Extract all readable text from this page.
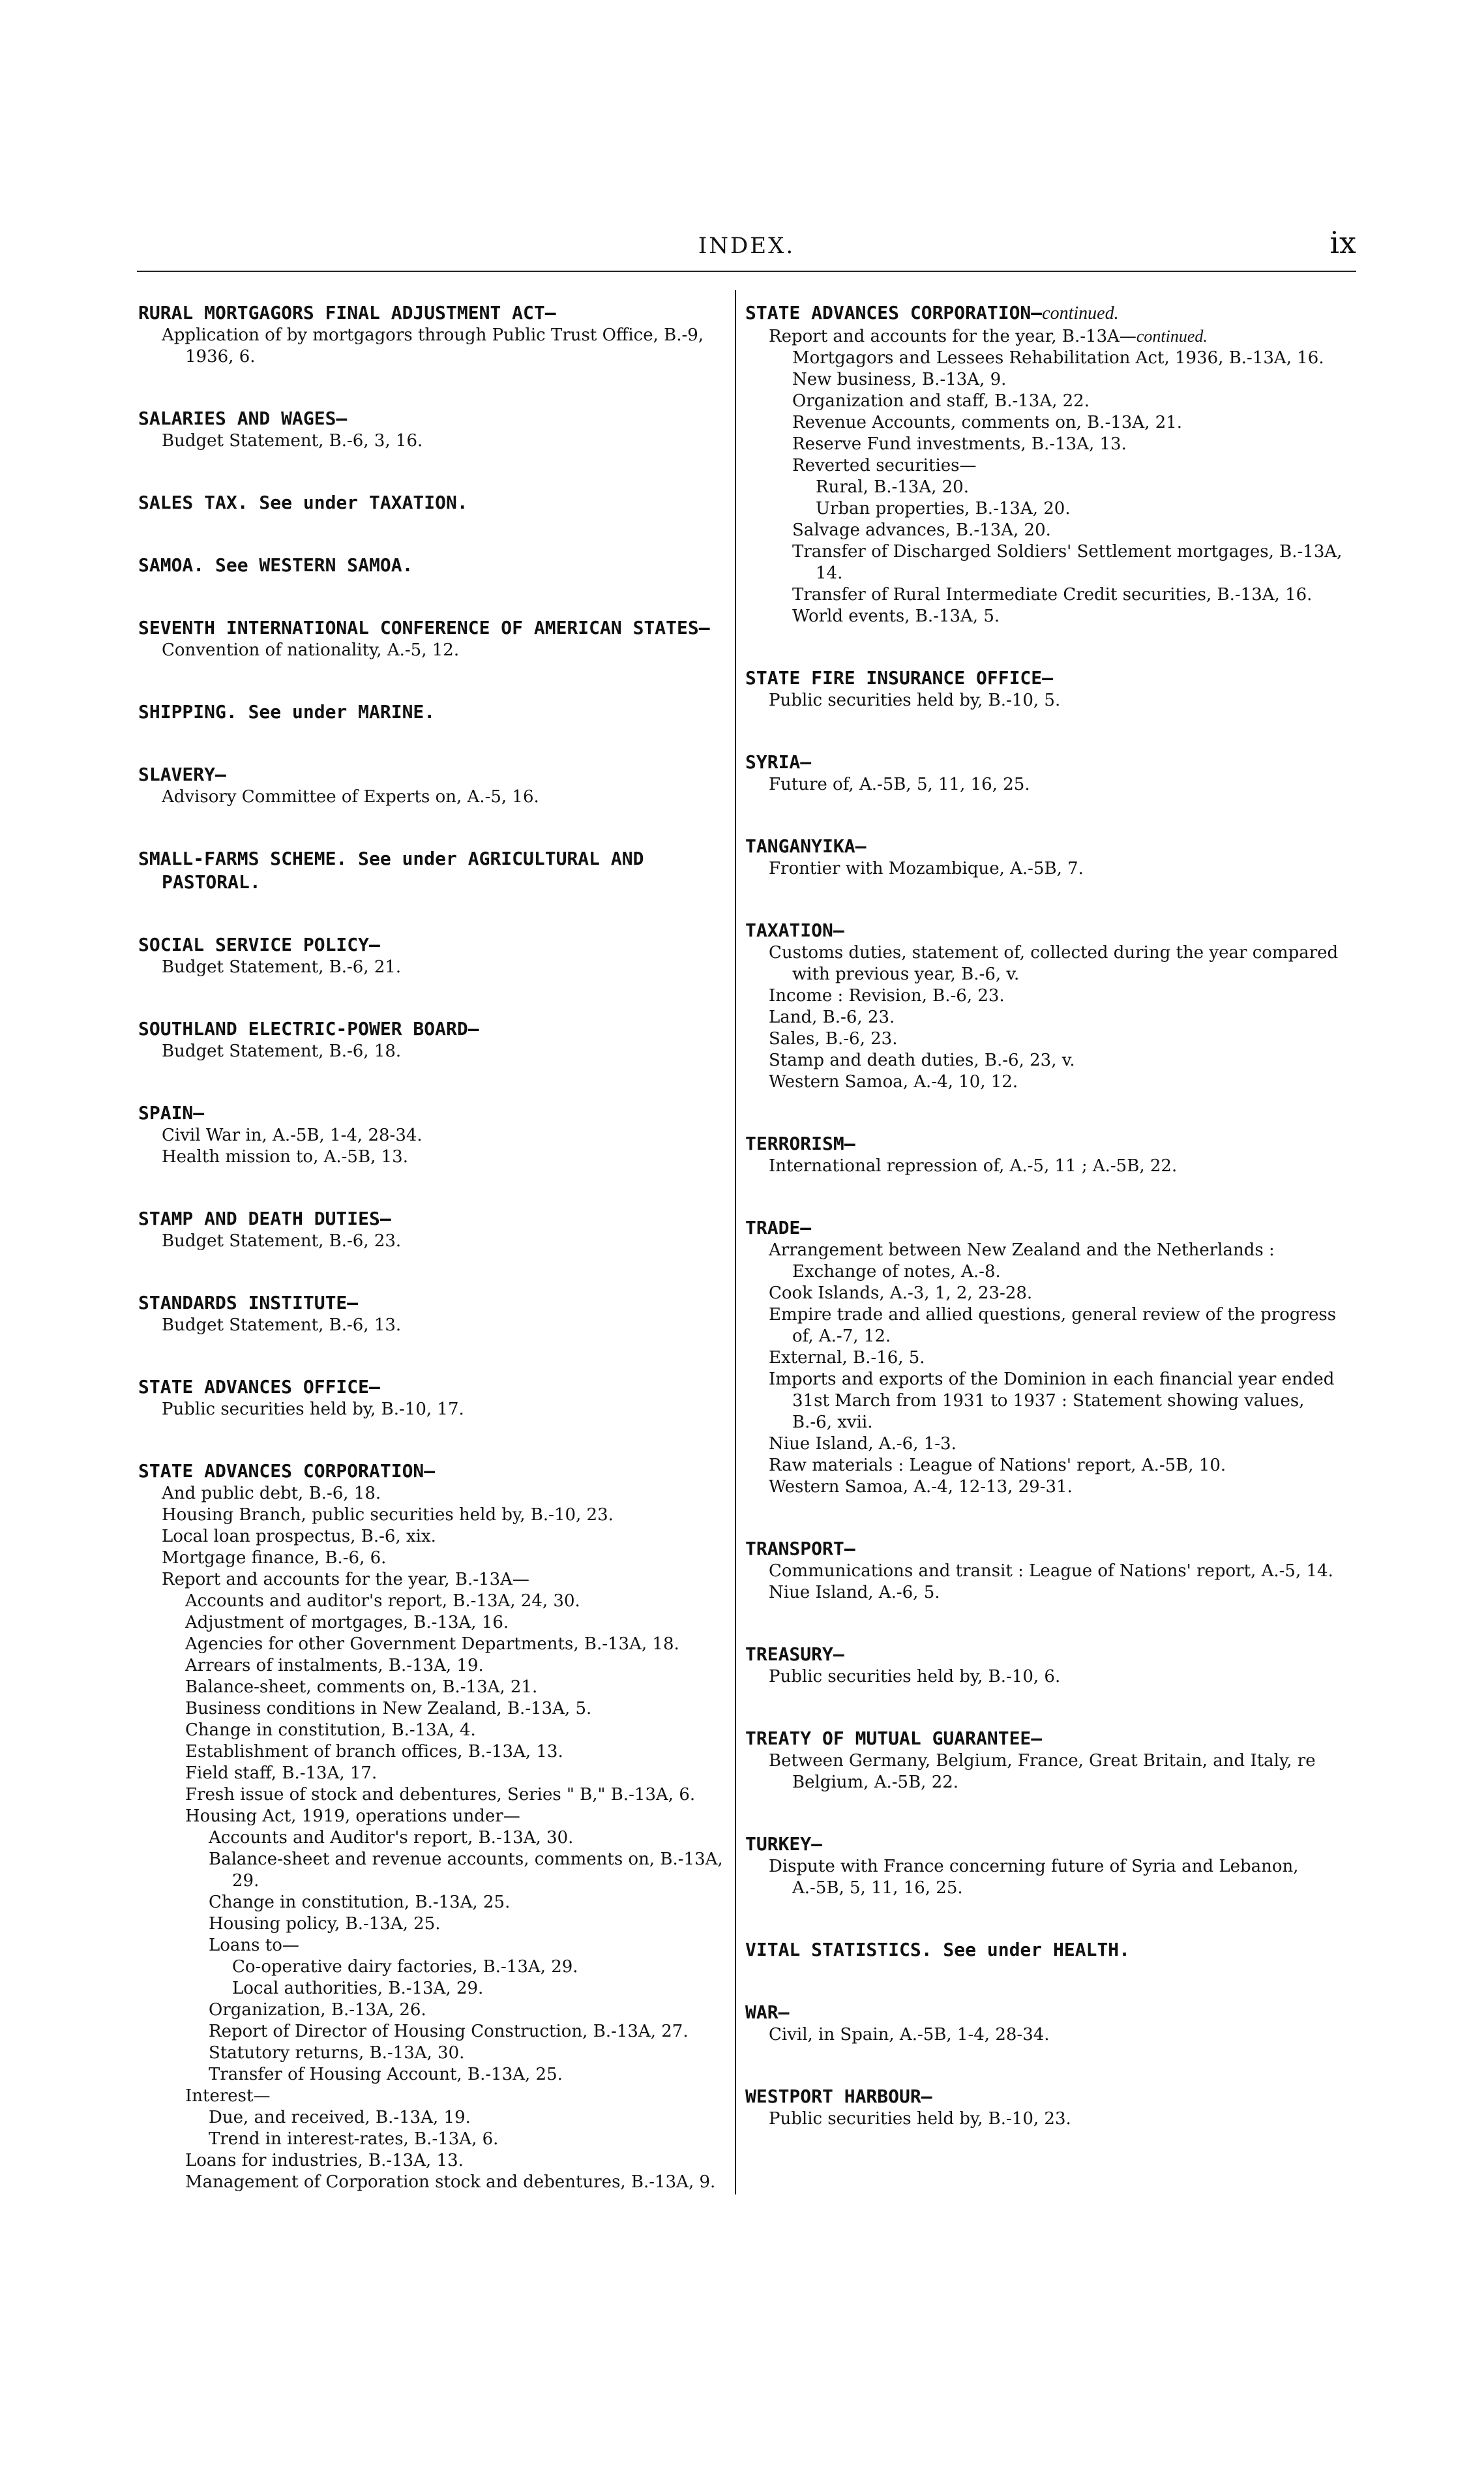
INDEX.	ix
RURAL MORTGAGORS FINAL ADJUSTMENT ACT—
Application of by mortgagors through Public Trust Office, B.-9, 1936, 6.
SALARIES AND WAGES—
Budget Statement, B.-6, 3, 16.
SALES TAX. See under TAXATION.
SAMOA. See WESTERN SAMOA.
SEVENTH INTERNATIONAL CONFERENCE OF AMERICAN STATES—
Convention of nationality, A.-5, 12.
SHIPPING. See under MARINE.
SLAVERY—
Advisory Committee of Experts on, A.-5, 16.
SMALL-FARMS SCHEME. See under AGRICULTURAL AND PASTORAL.
SOCIAL SERVICE POLICY—
Budget Statement, B.-6, 21.
SOUTHLAND ELECTRIC-POWER BOARD—
Budget Statement, B.-6, 18.
SPAIN—
Civil War in, A.-5B, 1-4, 28-34.
Health mission to, A.-5B, 13.
STAMP AND DEATH DUTIES—
Budget Statement, B.-6, 23.
STANDARDS INSTITUTE—
Budget Statement, B.-6, 13.
STATE ADVANCES OFFICE—
Public securities held by, B.-10, 17.
STATE ADVANCES CORPORATION—
And public debt, B.-6, 18.
Housing Branch, public securities held by, B.-10, 23.
Local loan prospectus, B.-6, xix.
Mortgage finance, B.-6, 6.
Report and accounts for the year, B.-13A—
Accounts and auditor's report, B.-13A, 24, 30.
Adjustment of mortgages, B.-13A, 16.
Agencies for other Government Departments, B.-13A, 18.
Arrears of instalments, B.-13A, 19.
Balance-sheet, comments on, B.-13A, 21.
Business conditions in New Zealand, B.-13A, 5.
Change in constitution, B.-13A, 4.
Establishment of branch offices, B.-13A, 13.
Field staff, B.-13A, 17.
Fresh issue of stock and debentures, Series " B," B.-13A, 6.
Housing Act, 1919, operations under—
Accounts and Auditor's report, B.-13A, 30.
Balance-sheet and revenue accounts, comments on, B.-13A, 29.
Change in constitution, B.-13A, 25.
Housing policy, B.-13A, 25.
Loans to—
Co-operative dairy factories, B.-13A, 29.
Local authorities, B.-13A, 29.
Organization, B.-13A, 26.
Report of Director of Housing Construction, B.-13A, 27.
Statutory returns, B.-13A, 30.
Transfer of Housing Account, B.-13A, 25.
Interest—
Due, and received, B.-13A, 19.
Trend in interest-rates, B.-13A, 6.
Loans for industries, B.-13A, 13.
Management of Corporation stock and debentures, B.-13A, 9.
STATE ADVANCES CORPORATION—continued.
Report and accounts for the year, B.-13A—continued.
Mortgagors and Lessees Rehabilitation Act, 1936, B.-13A, 16.
New business, B.-13A, 9.
Organization and staff, B.-13A, 22.
Revenue Accounts, comments on, B.-13A, 21.
Reserve Fund investments, B.-13A, 13.
Reverted securities—
Rural, B.-13A, 20.
Urban properties, B.-13A, 20.
Salvage advances, B.-13A, 20.
Transfer of Discharged Soldiers' Settlement mortgages, B.-13A, 14.
Transfer of Rural Intermediate Credit securities, B.-13A, 16.
World events, B.-13A, 5.
STATE FIRE INSURANCE OFFICE—
Public securities held by, B.-10, 5.
SYRIA—
Future of, A.-5B, 5, 11, 16, 25.
TANGANYIKA—
Frontier with Mozambique, A.-5B, 7.
TAXATION—
Customs duties, statement of, collected during the year compared with previous year, B.-6, v.
Income : Revision, B.-6, 23.
Land, B.-6, 23.
Sales, B.-6, 23.
Stamp and death duties, B.-6, 23, v.
Western Samoa, A.-4, 10, 12.
TERRORISM—
International repression of, A.-5, 11 ; A.-5B, 22.
TRADE—
Arrangement between New Zealand and the Netherlands : Exchange of notes, A.-8.
Cook Islands, A.-3, 1, 2, 23-28.
Empire trade and allied questions, general review of the progress of, A.-7, 12.
External, B.-16, 5.
Imports and exports of the Dominion in each financial year ended 31st March from 1931 to 1937 : Statement showing values, B.-6, xvii.
Niue Island, A.-6, 1-3.
Raw materials : League of Nations' report, A.-5B, 10.
Western Samoa, A.-4, 12-13, 29-31.
TRANSPORT—
Communications and transit : League of Nations' report, A.-5, 14.
Niue Island, A.-6, 5.
TREASURY—
Public securities held by, B.-10, 6.
TREATY OF MUTUAL GUARANTEE—
Between Germany, Belgium, France, Great Britain, and Italy, re Belgium, A.-5B, 22.
TURKEY—
Dispute with France concerning future of Syria and Lebanon, A.-5B, 5, 11, 16, 25.
VITAL STATISTICS. See under HEALTH.
WAR—
Civil, in Spain, A.-5B, 1-4, 28-34.
WESTPORT HARBOUR—
Public securities held by, B.-10, 23.
